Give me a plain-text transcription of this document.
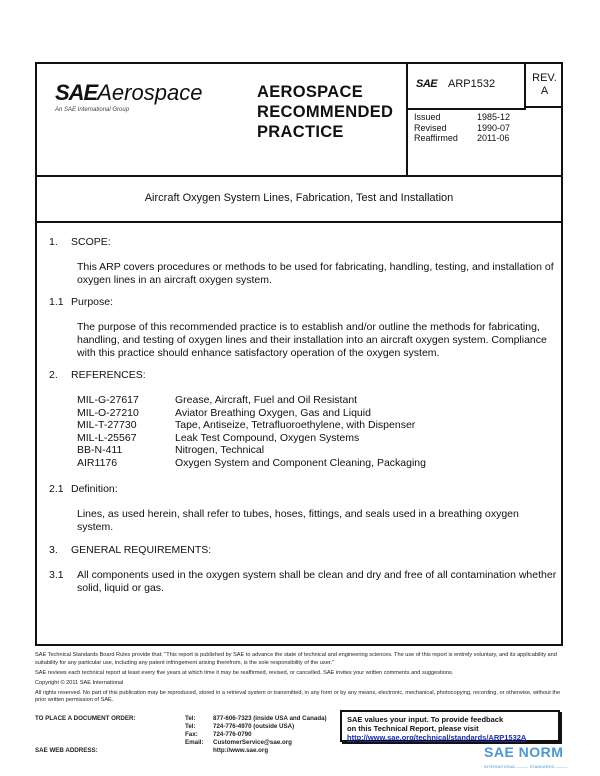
SAEAerospace
An SAE International Group
AEROSPACE
RECOMMENDED
PRACTICE
SAE ARP1532	REV.
A
Issued	1985-12
Revised	1990-07
Reaffirmed	2011-06
Aircraft Oxygen System Lines, Fabrication, Test and Installation
1. SCOPE:
This ARP covers procedures or methods to be used for fabricating, handling, testing, and installation of oxygen lines in an aircraft oxygen system.
1.1 Purpose:
The purpose of this recommended practice is to establish and/or outline the methods for fabricating, handling, and testing of oxygen lines and their installation into an aircraft oxygen system. Compliance with this practice should enhance satisfactory operation of the oxygen system.
2. REFERENCES:
MIL-G-27617	Grease, Aircraft, Fuel and Oil Resistant
MIL-O-27210	Aviator Breathing Oxygen, Gas and Liquid
MIL-T-27730	Tape, Antiseize, Tetrafluoroethylene, with Dispenser
MIL-L-25567	Leak Test Compound, Oxygen Systems
BB-N-411	Nitrogen, Technical
AIR1176	Oxygen System and Component Cleaning, Packaging
2.1 Definition:
Lines, as used herein, shall refer to tubes, hoses, fittings, and seals used in a breathing oxygen system.
3. GENERAL REQUIREMENTS:
3.1	All components used in the oxygen system shall be clean and dry and free of all contamination whether solid, liquid or gas.

SAE Technical Standards Board Rules provide that: "This report is published by SAE to advance the state of technical and engineering sciences. The use of this report is entirely voluntary, and its applicability and suitability for any particular use, including any patent infringement arising therefrom, is the sole responsibility of the user."

SAE reviews each technical report at least every five years at which time it may be reaffirmed, revised, or cancelled. SAE invites your written comments and suggestions.

Copyright © 2011 SAE International

All rights reserved. No part of this publication may be reproduced, stored in a retrieval system or transmitted, in any form or by any means, electronic, mechanical, photocopying, recording, or otherwise, without the prior written permission of SAE.

TO PLACE A DOCUMENT ORDER:
SAE WEB ADDRESS:
Tel:	877-606-7323 (inside USA and Canada)
Tel:	724-776-4970 (outside USA)
Fax:	724-776-0790
Email:	CustomerService@sae.org
http://www.sae.org
SAE values your input. To provide feedback
on this Technical Report, please visit
http://www.sae.org/technical/standards/ARP1532A
SAE NORM
INTERNATIONAL ——— STANDARDS ———
